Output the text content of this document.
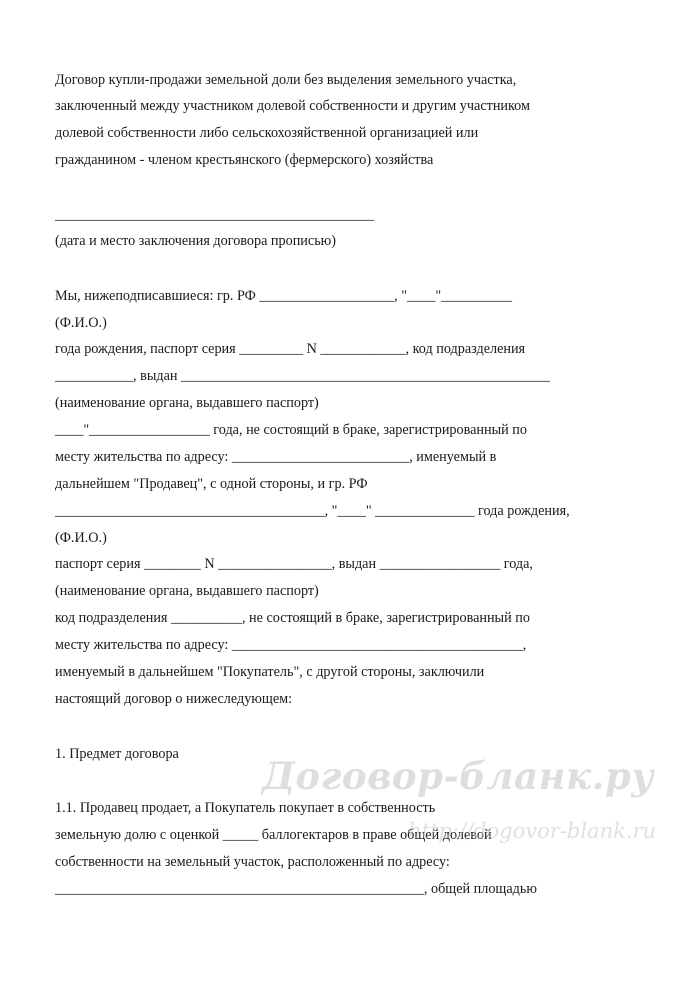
Договор купли-продажи земельной доли без выделения земельного участка,
заключенный между участником долевой собственности и другим участником
долевой собственности либо сельскохозяйственной организацией или
гражданином - членом крестьянского (фермерского) хозяйства
_____________________________________________
(дата и место заключения договора прописью)
Мы, нижеподписавшиеся: гр. РФ ___________________, "____"__________
(Ф.И.О.)
года рождения, паспорт серия _________ N ____________, код подразделения
___________, выдан ____________________________________________________
(наименование органа, выдавшего паспорт)
____"_________________ года, не состоящий в браке, зарегистрированный по
месту жительства по адресу: _________________________, именуемый в
дальнейшем "Продавец", с одной стороны, и гр. РФ
______________________________________, "____" ______________ года рождения,
(Ф.И.О.)
паспорт серия ________ N ________________, выдан _________________ года,
(наименование органа, выдавшего паспорт)
код подразделения __________, не состоящий в браке, зарегистрированный по
месту жительства по адресу: _________________________________________,
именуемый в дальнейшем "Покупатель", с другой стороны, заключили
настоящий договор о нижеследующем:
1. Предмет договора
1.1. Продавец продает, а Покупатель покупает в собственность
земельную долю с оценкой _____ баллогектаров в праве общей долевой
собственности на земельный участок, расположенный по адресу:
____________________________________________________, общей площадью
Договор-бланк.ру
http://dogovor-blank.ru
